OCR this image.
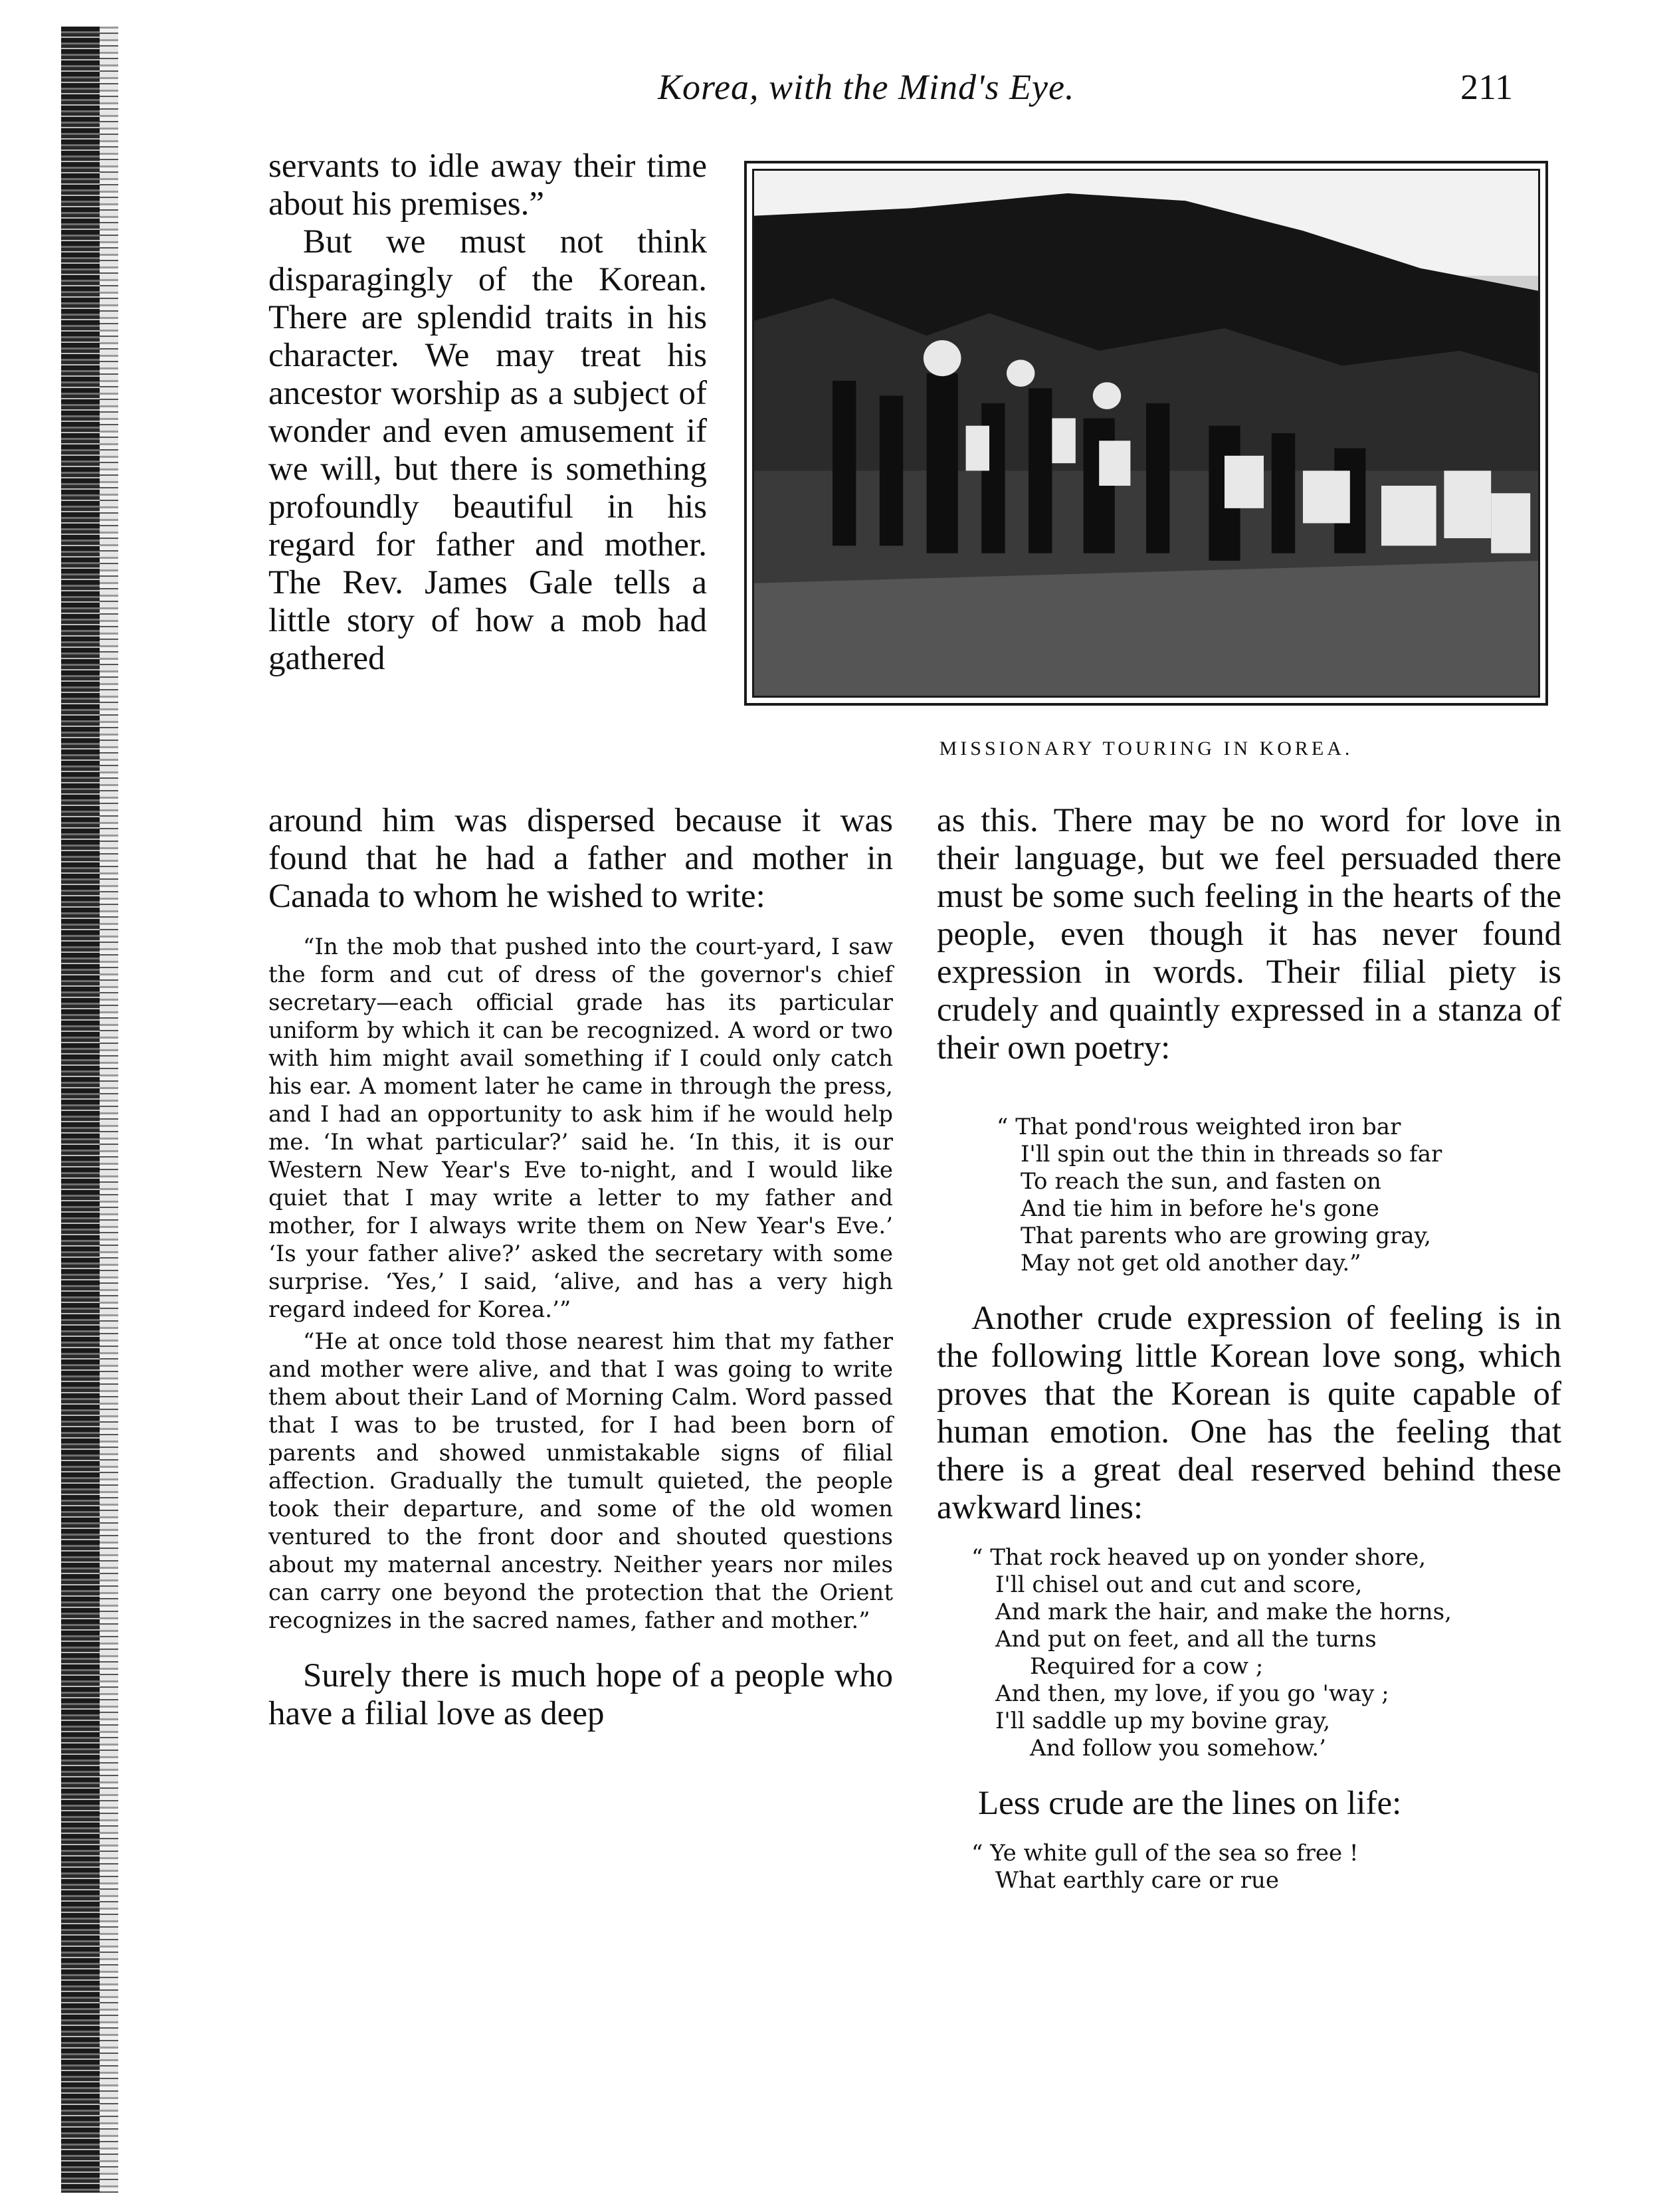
Korea, with the Mind's Eye.	211

servants to idle away their time about his premises.”

But we must not think disparagingly of the Korean. There are splendid traits in his character. We may treat his ancestor worship as a subject of wonder and even amusement if we will, but there is something profoundly beautiful in his regard for father and mother. The Rev. James Gale tells a little story of how a mob had gathered

MISSIONARY TOURING IN KOREA.

around him was dispersed because it was found that he had a father and mother in Canada to whom he wished to write:

“In the mob that pushed into the court-yard, I saw the form and cut of dress of the governor's chief secretary—each official grade has its particular uniform by which it can be recognized. A word or two with him might avail something if I could only catch his ear. A moment later he came in through the press, and I had an opportunity to ask him if he would help me. ‘In what particular?’ said he. ‘In this, it is our Western New Year's Eve to-night, and I would like quiet that I may write a letter to my father and mother, for I always write them on New Year's Eve.’ ‘Is your father alive?’ asked the secretary with some surprise. ‘Yes,’ I said, ‘alive, and has a very high regard indeed for Korea.’”

“He at once told those nearest him that my father and mother were alive, and that I was going to write them about their Land of Morning Calm. Word passed that I was to be trusted, for I had been born of parents and showed unmistakable signs of filial affection. Gradually the tumult quieted, the people took their departure, and some of the old women ventured to the front door and shouted questions about my maternal ancestry. Neither years nor miles can carry one beyond the protection that the Orient recognizes in the sacred names, father and mother.”

Surely there is much hope of a people who have a filial love as deep

as this. There may be no word for love in their language, but we feel persuaded there must be some such feeling in the hearts of the people, even though it has never found expression in words. Their filial piety is crudely and quaintly expressed in a stanza of their own poetry:

“ That pond'rous weighted iron bar
I'll spin out the thin in threads so far
To reach the sun, and fasten on
And tie him in before he's gone
That parents who are growing gray,
May not get old another day.”

Another crude expression of feeling is in the following little Korean love song, which proves that the Korean is quite capable of human emotion. One has the feeling that there is a great deal reserved behind these awkward lines:

“ That rock heaved up on yonder shore,
I'll chisel out and cut and score,
And mark the hair, and make the horns,
And put on feet, and all the turns
Required for a cow ;
And then, my love, if you go 'way ;
I'll saddle up my bovine gray,
And follow you somehow.’

Less crude are the lines on life:

“ Ye white gull of the sea so free !
What earthly care or rue
